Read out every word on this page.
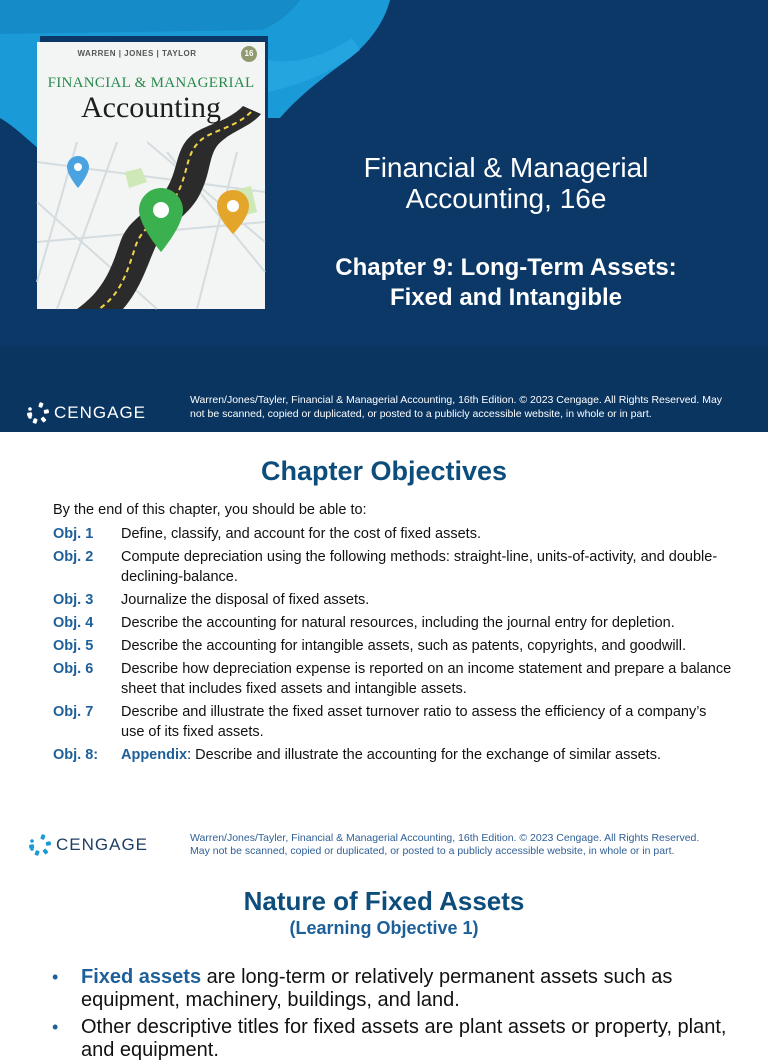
WARREN | JONES | TAYLOR	16
FINANCIAL & MANAGERIAL
Accounting
Financial & Managerial
Accounting, 16e
Chapter 9: Long-Term Assets:
Fixed and Intangible
CENGAGE
Warren/Jones/Tayler, Financial & Managerial Accounting, 16th Edition. © 2023 Cengage. All Rights Reserved. May not be scanned, copied or duplicated, or posted to a publicly accessible website, in whole or in part.
Chapter Objectives
By the end of this chapter, you should be able to:
Obj. 1	Define, classify, and account for the cost of fixed assets.
Obj. 2	Compute depreciation using the following methods: straight-line, units-of-activity, and double-declining-balance.
Obj. 3	Journalize the disposal of fixed assets.
Obj. 4	Describe the accounting for natural resources, including the journal entry for depletion.
Obj. 5	Describe the accounting for intangible assets, such as patents, copyrights, and goodwill.
Obj. 6	Describe how depreciation expense is reported on an income statement and prepare a balance sheet that includes fixed assets and intangible assets.
Obj. 7	Describe and illustrate the fixed asset turnover ratio to assess the efficiency of a company’s use of its fixed assets.
Obj. 8:	Appendix: Describe and illustrate the accounting for the exchange of similar assets.
CENGAGE	Warren/Jones/Tayler, Financial & Managerial Accounting, 16th Edition. © 2023 Cengage. All Rights Reserved.
May not be scanned, copied or duplicated, or posted to a publicly accessible website, in whole or in part.
Nature of Fixed Assets
(Learning Objective 1)
•	Fixed assets are long-term or relatively permanent assets such as equipment, machinery, buildings, and land.
•	Other descriptive titles for fixed assets are plant assets or property, plant, and equipment.
